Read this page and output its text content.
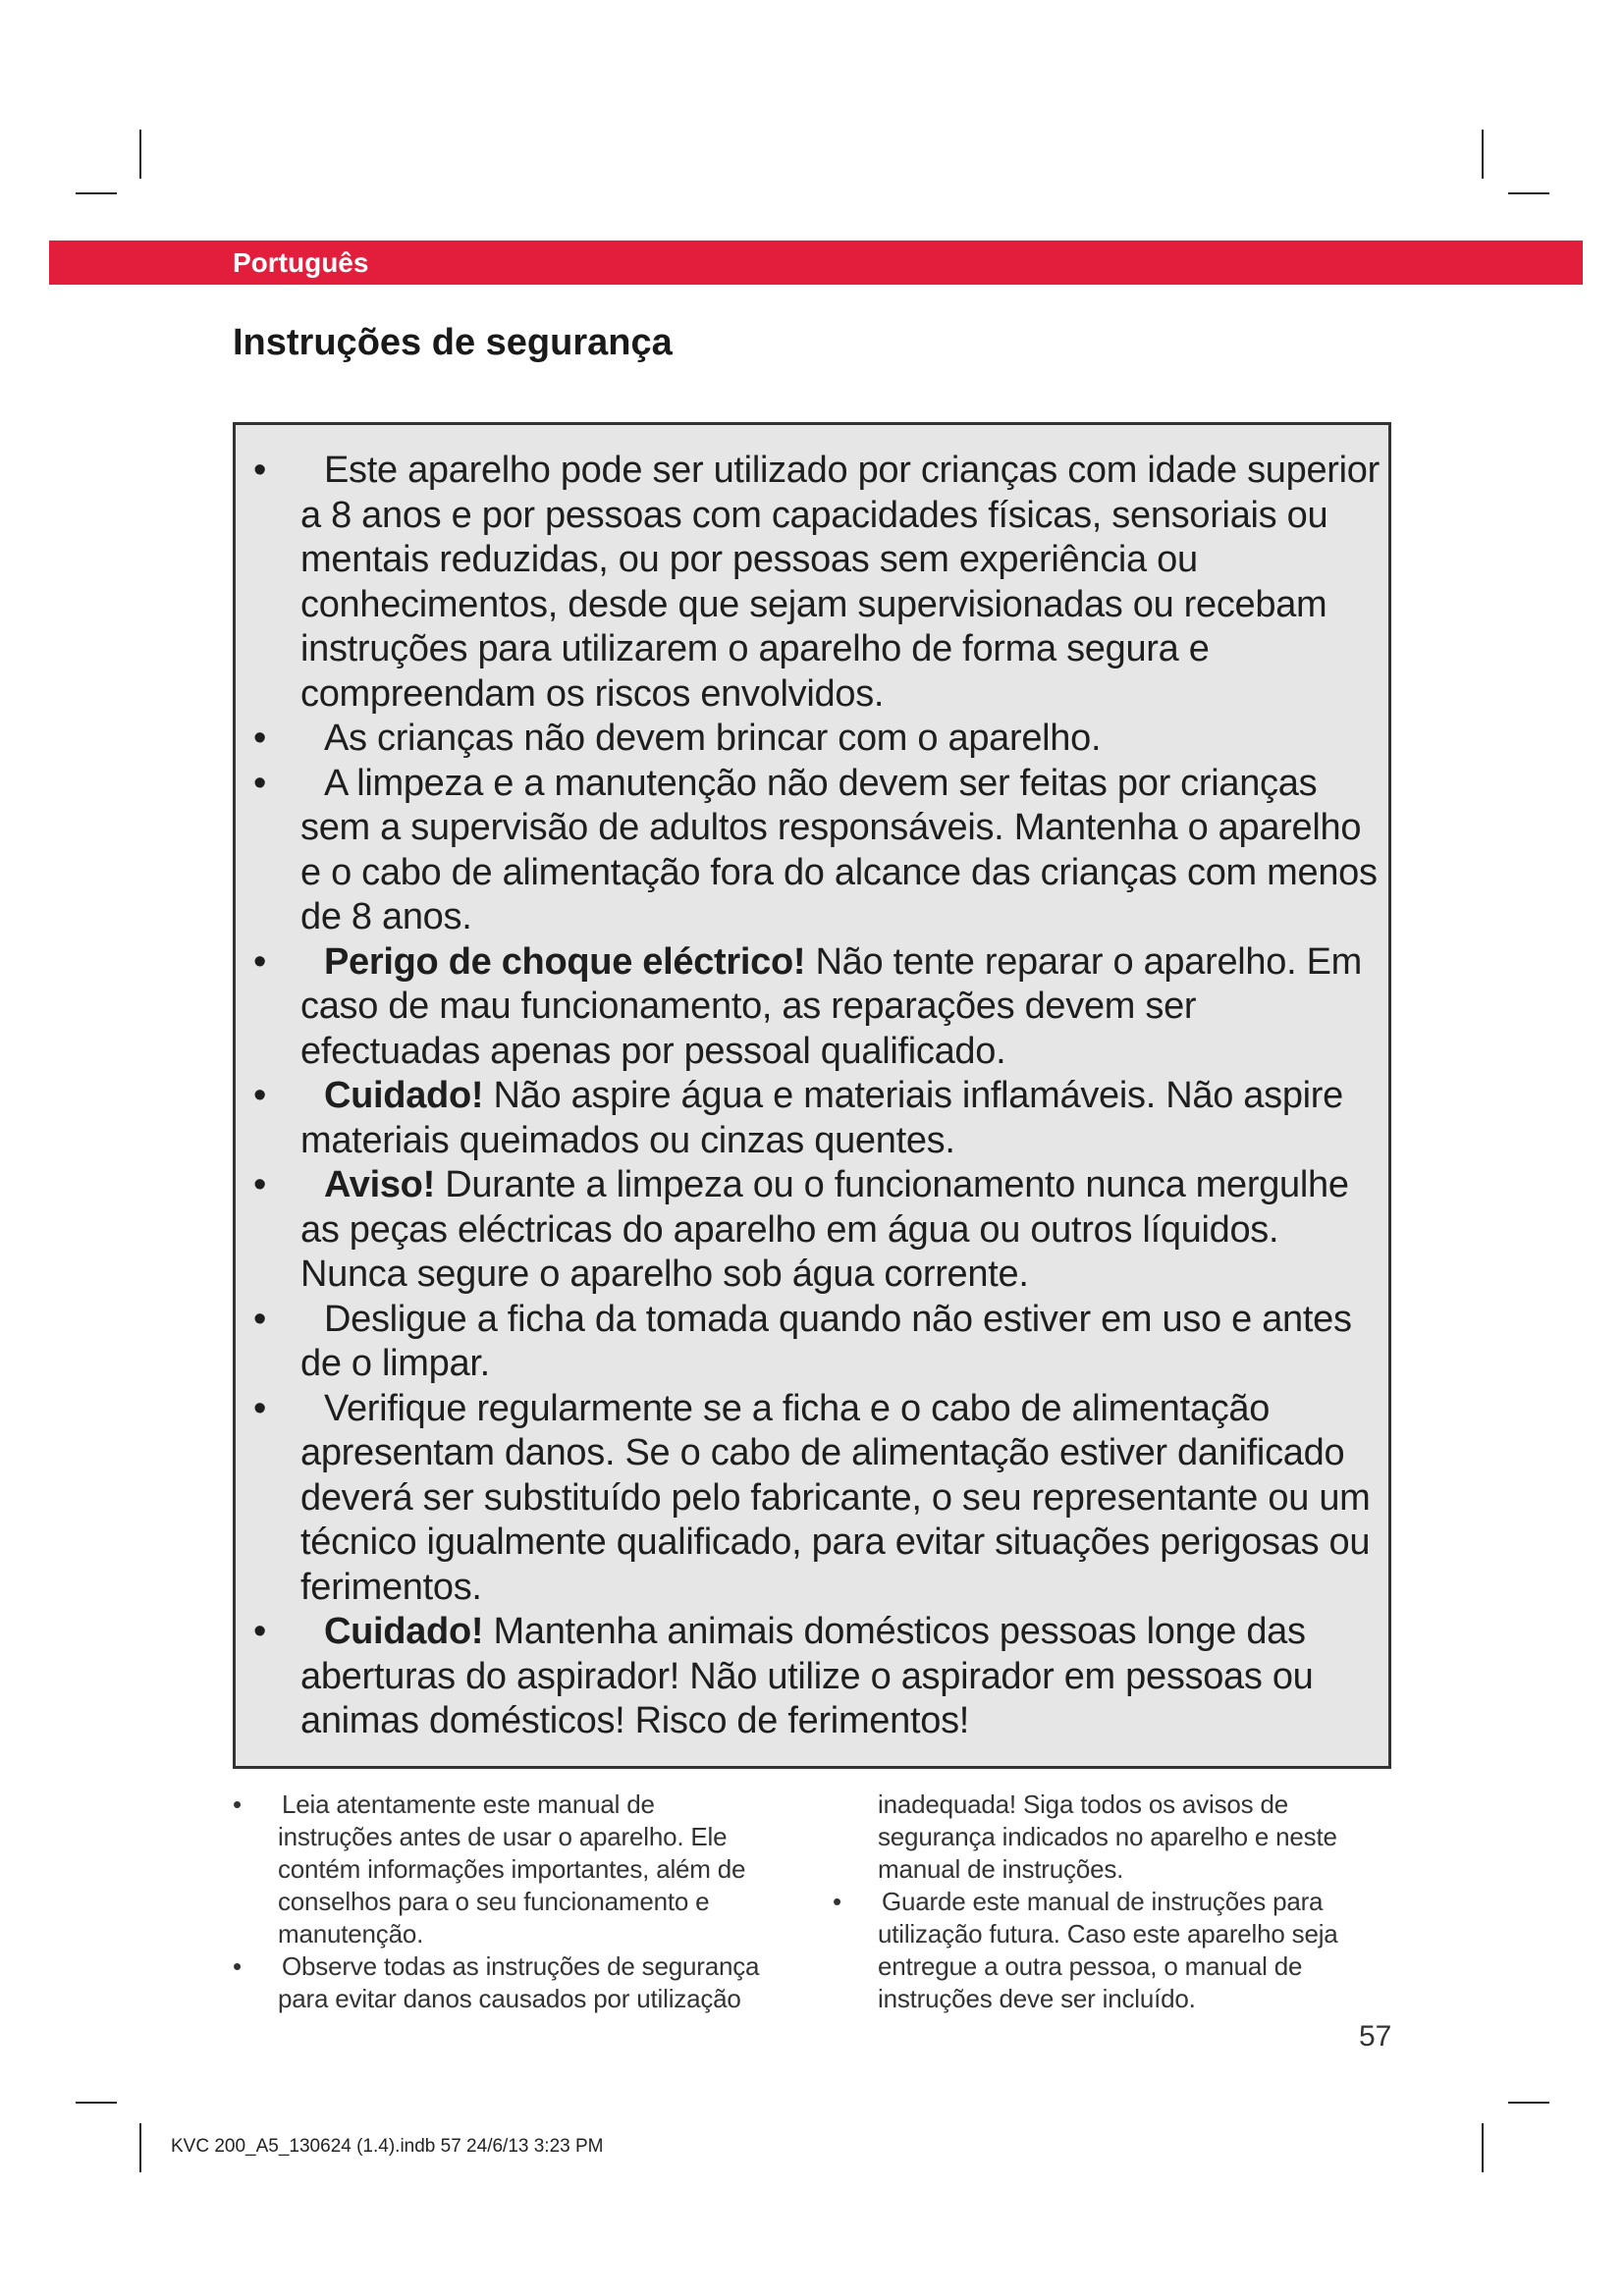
Português
Instruções de segurança
• Este aparelho pode ser utilizado por crianças com idade superior a 8 anos e por pessoas com capacidades físicas, sensoriais ou mentais reduzidas, ou por pessoas sem experiência ou conhecimentos, desde que sejam supervisionadas ou recebam instruções para utilizarem o aparelho de forma segura e compreendam os riscos envolvidos.
• As crianças não devem brincar com o aparelho.
• A limpeza e a manutenção não devem ser feitas por crianças sem a supervisão de adultos responsáveis. Mantenha o aparelho e o cabo de alimentação fora do alcance das crianças com menos de 8 anos.
• Perigo de choque eléctrico! Não tente reparar o aparelho. Em caso de mau funcionamento, as reparações devem ser efectuadas apenas por pessoal qualificado.
• Cuidado! Não aspire água e materiais inflamáveis. Não aspire materiais queimados ou cinzas quentes.
• Aviso! Durante a limpeza ou o funcionamento nunca mergulhe as peças eléctricas do aparelho em água ou outros líquidos. Nunca segure o aparelho sob água corrente.
• Desligue a ficha da tomada quando não estiver em uso e antes de o limpar.
• Verifique regularmente se a ficha e o cabo de alimentação apresentam danos. Se o cabo de alimentação estiver danificado deverá ser substituído pelo fabricante, o seu representante ou um técnico igualmente qualificado, para evitar situações perigosas ou ferimentos.
• Cuidado! Mantenha animais domésticos pessoas longe das aberturas do aspirador! Não utilize o aspirador em pessoas ou animas domésticos! Risco de ferimentos!
• Leia atentamente este manual de instruções antes de usar o aparelho. Ele contém informações importantes, além de conselhos para o seu funcionamento e manutenção.
• Observe todas as instruções de segurança para evitar danos causados por utilização
inadequada! Siga todos os avisos de segurança indicados no aparelho e neste manual de instruções.
• Guarde este manual de instruções para utilização futura. Caso este aparelho seja entregue a outra pessoa, o manual de instruções deve ser incluído.
57
KVC 200_A5_130624 (1.4).indb 57 24/6/13 3:23 PM
